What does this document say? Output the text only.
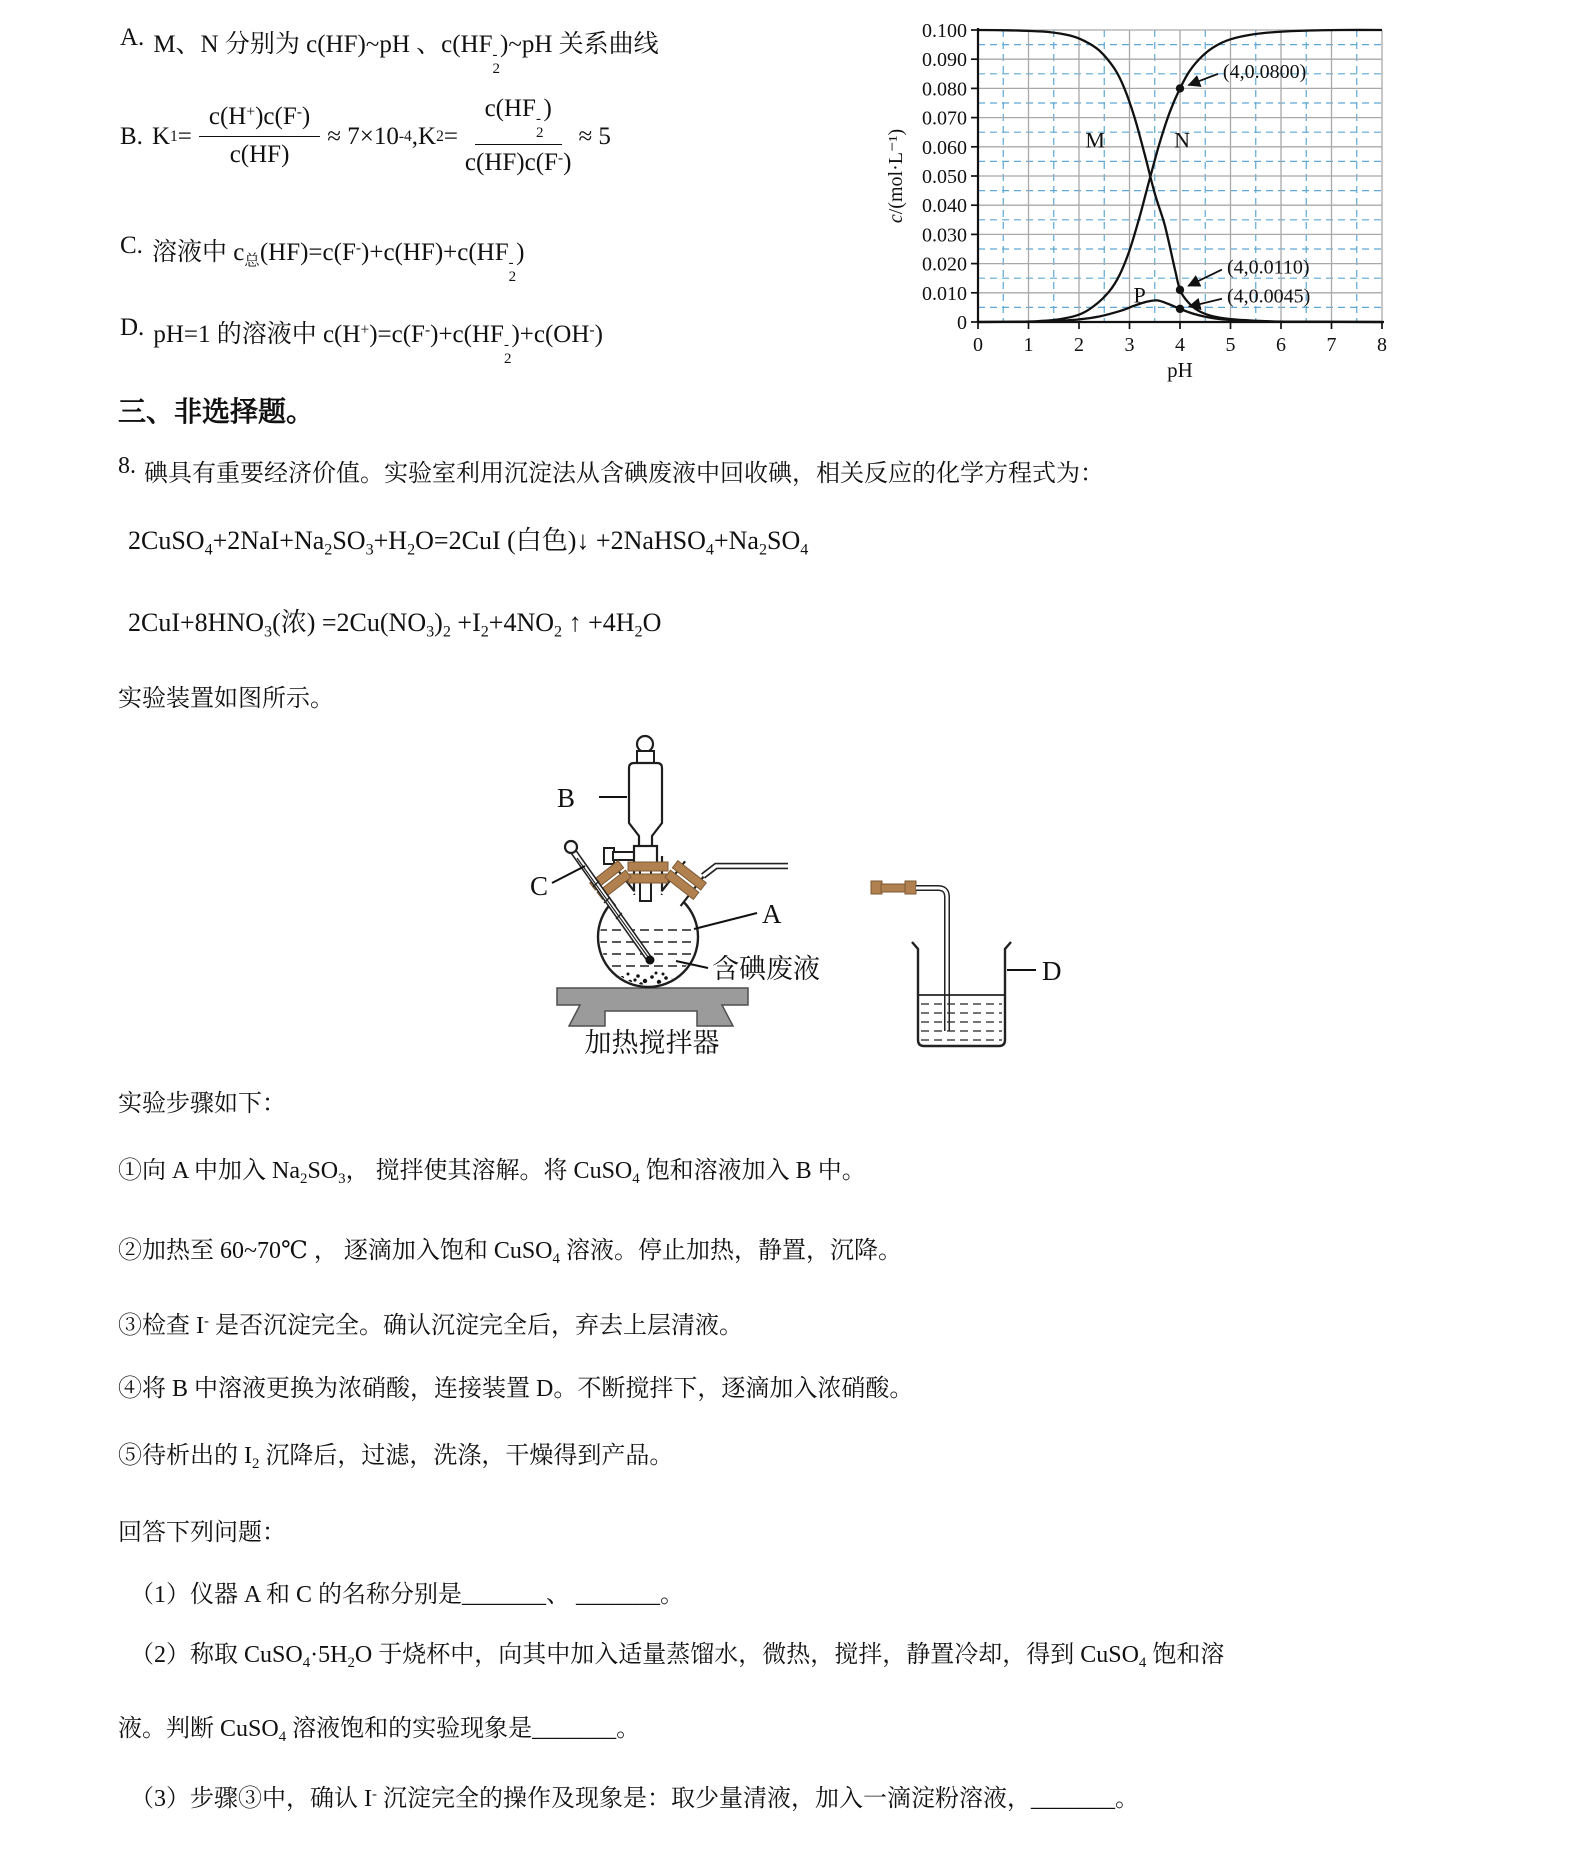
A. M、N 分别为 c(HF)~pH 、c(HF -
2
)~pH 关系曲线
B. K $1 = \frac{c(H^+)c(F^-)}{c(HF)} \approx 7\times 10$ -4 ,K 2 = c(HF -
2
)
c(HF)c(F-) ≈ 5
C. 溶液中 $c_总(HF)=c(F^-)+c(HF)+c(HF$ -
2
)
D. pH=1 的溶液中 c(H+)=c(F-)+c(HF -
2
)+c(OH-)	0
0.010
0.020
0.030
0.040
0.050
0.060
0.070
0.080
0.090
0.100
0 1 2 3 4 5 6 7 8
pH
c/(mol·L⁻¹)	M	N
P
(4,0.0800)
(4,0.0110)
(4,0.0045)
三、非选择题。
8. 碘具有重要经济价值。实验室利用沉淀法从含碘废液中回收碘，相关反应的化学方程式为：
$2CuSO_4+2NaI+Na_2SO_3+H_2O=2CuI$ (白色)↓ $+2NaHSO_4+Na_2SO_4$
$2CuI+8HNO_3$(浓) $=2Cu(NO_3)_2 +I_2+4NO_2$ ↑ $+4H_2O$
实验装置如图所示。
B
C
A
含碘废液	D
加热搅拌器
实验步骤如下：
①向 A 中加入 $Na_2SO_3$， 搅拌使其溶解。将 CuSO$_4$ 饱和溶液加入 B 中。
②加热至 60~70℃ ， 逐滴加入饱和 CuSO$_4$ 溶液。停止加热，静置，沉降。
③检查 I- 是否沉淀完全。确认沉淀完全后，弃去上层清液。
④将 B 中溶液更换为浓硝酸，连接装置 D。不断搅拌下，逐滴加入浓硝酸。
⑤待析出的 $I_2$ 沉降后，过滤，洗涤，干燥得到产品。
回答下列问题：
（1）仪器 A 和 C 的名称分别是_______、 _______。
（2）称取 $CuSO_4\cdot 5H_2O$ 于烧杯中，向其中加入适量蒸馏水，微热，搅拌，静置冷却，得到 CuSO$_4$ 饱和溶
液。判断 CuSO$_4$ 溶液饱和的实验现象是_______。
（3）步骤③中，确认 I- 沉淀完全的操作及现象是：取少量清液，加入一滴淀粉溶液，_______。
